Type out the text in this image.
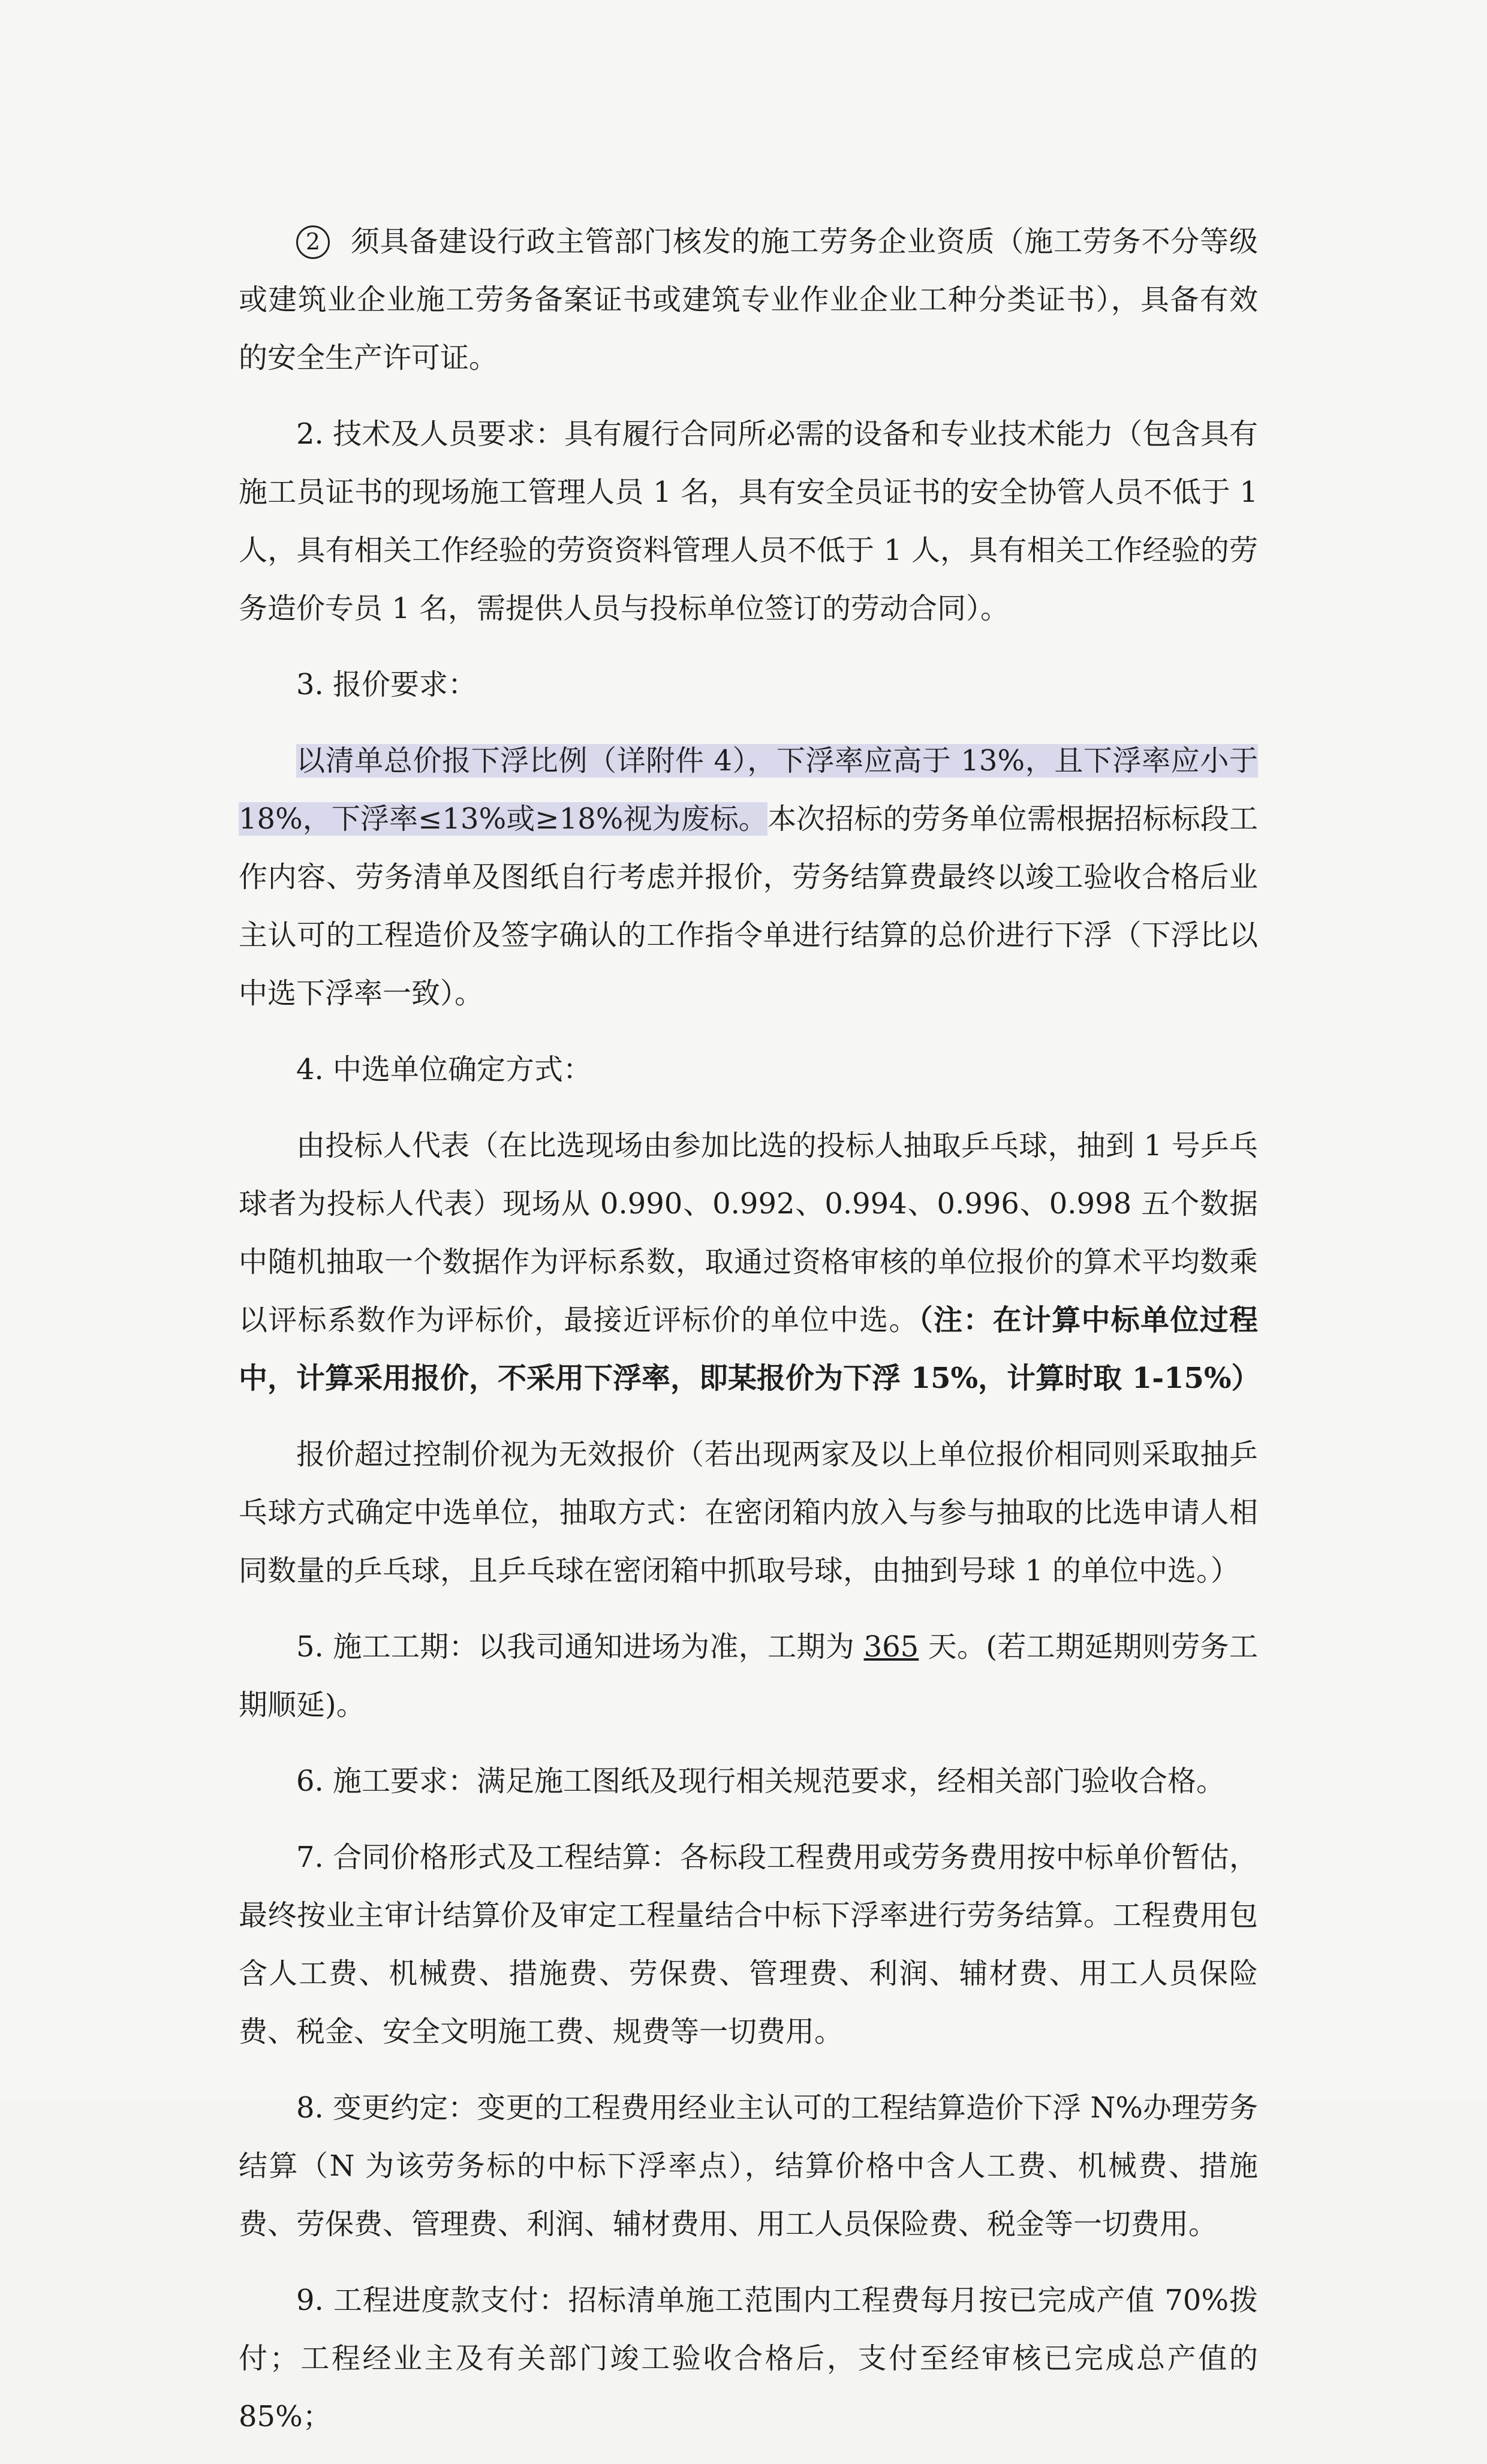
2 须具备建设行政主管部门核发的施工劳务企业资质（施工劳务不分等级或建筑业企业施工劳务备案证书或建筑专业作业企业工种分类证书），具备有效的安全生产许可证。

2. 技术及人员要求：具有履行合同所必需的设备和专业技术能力（包含具有施工员证书的现场施工管理人员 1 名，具有安全员证书的安全协管人员不低于 1 人，具有相关工作经验的劳资资料管理人员不低于 1 人，具有相关工作经验的劳务造价专员 1 名，需提供人员与投标单位签订的劳动合同）。

3. 报价要求：

以清单总价报下浮比例（详附件 4），下浮率应高于 13%，且下浮率应小于 18%，下浮率≤13%或≥18%视为废标。本次招标的劳务单位需根据招标标段工作内容、劳务清单及图纸自行考虑并报价，劳务结算费最终以竣工验收合格后业主认可的工程造价及签字确认的工作指令单进行结算的总价进行下浮（下浮比以中选下浮率一致）。

4. 中选单位确定方式：

由投标人代表（在比选现场由参加比选的投标人抽取乒乓球，抽到 1 号乒乓球者为投标人代表）现场从 0.990、0.992、0.994、0.996、0.998 五个数据中随机抽取一个数据作为评标系数，取通过资格审核的单位报价的算术平均数乘以评标系数作为评标价，最接近评标价的单位中选。（注：在计算中标单位过程中，计算采用报价，不采用下浮率，即某报价为下浮 15%，计算时取 1-15%）

报价超过控制价视为无效报价（若出现两家及以上单位报价相同则采取抽乒乓球方式确定中选单位，抽取方式：在密闭箱内放入与参与抽取的比选申请人相同数量的乒乓球，且乒乓球在密闭箱中抓取号球，由抽到号球 1 的单位中选。）

5. 施工工期：以我司通知进场为准，工期为 365 天。(若工期延期则劳务工期顺延)。

6. 施工要求：满足施工图纸及现行相关规范要求，经相关部门验收合格。

7. 合同价格形式及工程结算：各标段工程费用或劳务费用按中标单价暂估，最终按业主审计结算价及审定工程量结合中标下浮率进行劳务结算。工程费用包含人工费、机械费、措施费、劳保费、管理费、利润、辅材费、用工人员保险费、税金、安全文明施工费、规费等一切费用。

8. 变更约定：变更的工程费用经业主认可的工程结算造价下浮 N%办理劳务结算（N 为该劳务标的中标下浮率点），结算价格中含人工费、机械费、措施费、劳保费、管理费、利润、辅材费用、用工人员保险费、税金等一切费用。

9. 工程进度款支付：招标清单施工范围内工程费每月按已完成产值 70%拨付；工程经业主及有关部门竣工验收合格后，支付至经审核已完成总产值的 85%；
